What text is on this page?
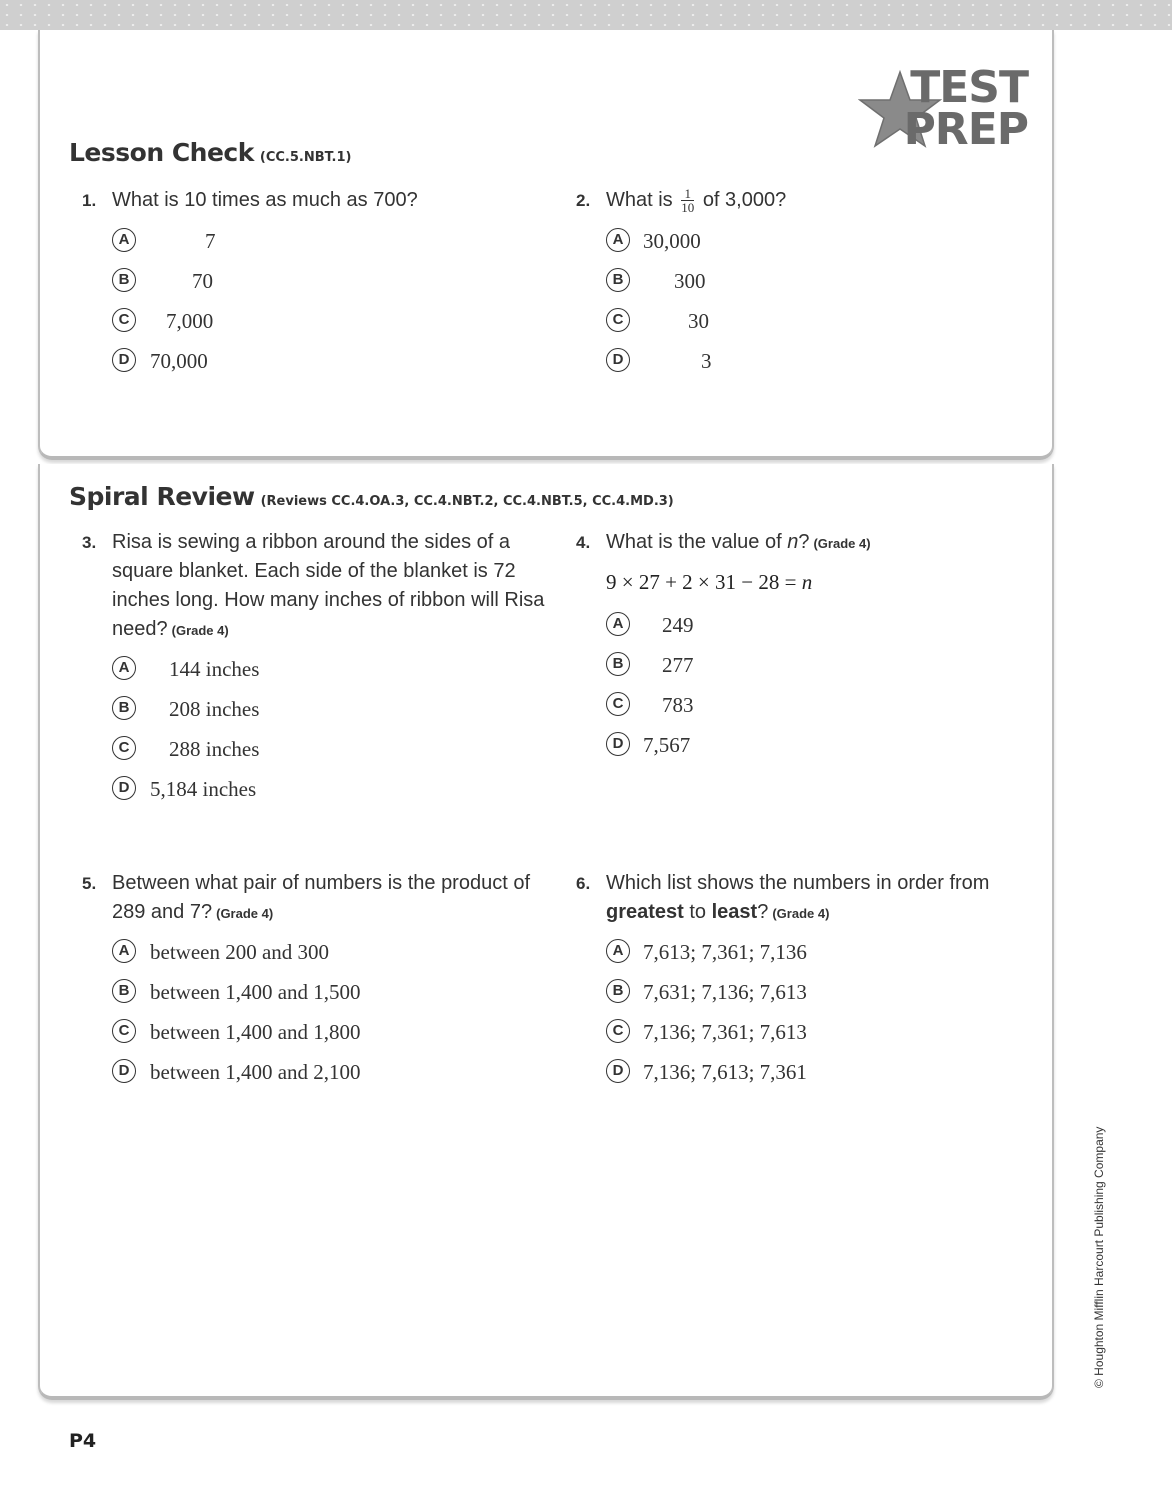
TEST
PREP
Lesson Check (CC.5.NBT.1)
1. What is 10 times as much as 700?
A	7
B	70
C	7,000
D 70,000
2. What is $\frac{1}{10}$ of 3,000?
A 30,000
B	300
C	30
D	3
Spiral Review (Reviews CC.4.OA.3, CC.4.NBT.2, CC.4.NBT.5, CC.4.MD.3)
3. Risa is sewing a ribbon around the sides of a square blanket. Each side of the blanket is 72 inches long. How many inches of ribbon will Risa need? (Grade 4)
A	144 inches
B	208 inches
C	288 inches
D 5,184 inches
4. What is the value of n? (Grade 4)
9 × 27 + 2 × 31 − 28 = n
A	249
B	277
C	783
D 7,567
5. Between what pair of numbers is the product of 289 and 7? (Grade 4)
A between 200 and 300
B between 1,400 and 1,500
C between 1,400 and 1,800
D between 1,400 and 2,100
6. Which list shows the numbers in order from greatest to least? (Grade 4)
A 7,613; 7,361; 7,136
B 7,631; 7,136; 7,613
C 7,136; 7,361; 7,613
D 7,136; 7,613; 7,361
P4
© Houghton Mifflin Harcourt Publishing Company
